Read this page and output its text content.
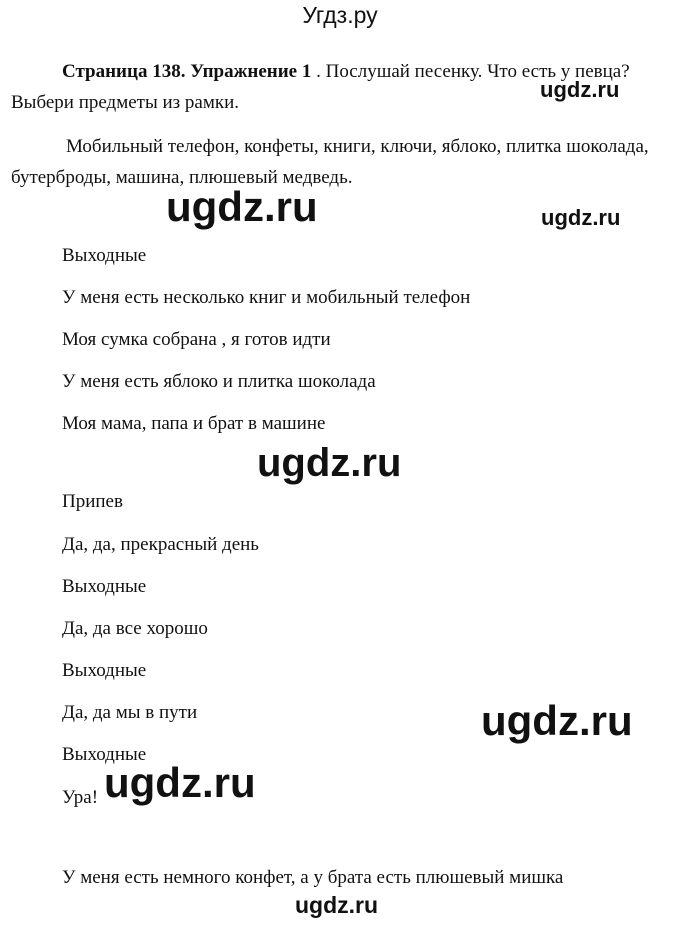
Угдз.ру

Страница 138. Упражнение 1 . Послушай песенку. Что есть у певца? Выбери предметы из рамки.

Мобильный телефон, конфеты, книги, ключи, яблоко, плитка шоколада, бутерброды, машина, плюшевый медведь.

Выходные
У меня есть несколько книг и мобильный телефон
Моя сумка собрана , я готов идти
У меня есть яблоко и плитка шоколада
Моя мама, папа и брат в машине
Припев
Да, да, прекрасный день
Выходные
Да, да все хорошо
Выходные
Да, да мы в пути
Выходные
Ура!
У меня есть немного конфет, а у брата есть плюшевый мишка
ugdz.ru
ugdz.ru	ugdz.ru
ugdz.ru
ugdz.ru
ugdz.ru
ugdz.ru
